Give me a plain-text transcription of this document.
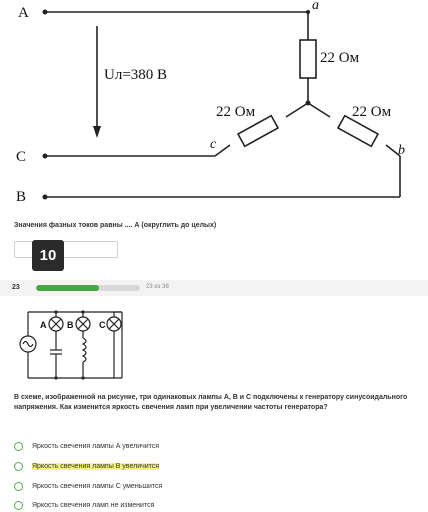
A
C
B
a
c	b
Uл=380 В
22 Ом
22 Ом	22 Ом
Значения фазных токов равны .... А (округлить до целых)
10
23	23 из 38
A B	C
В схеме, изображенной на рисунке, три одинаковых лампы А, В и С подключены к генератору синусоидального напряжения. Как изменится яркость свечения ламп при увеличении частоты генератора?
Яркость свечения лампы А увеличится
Яркость свечения лампы В увеличится
Яркость свечения лампы С уменьшится
Яркость свечения ламп не изменится
